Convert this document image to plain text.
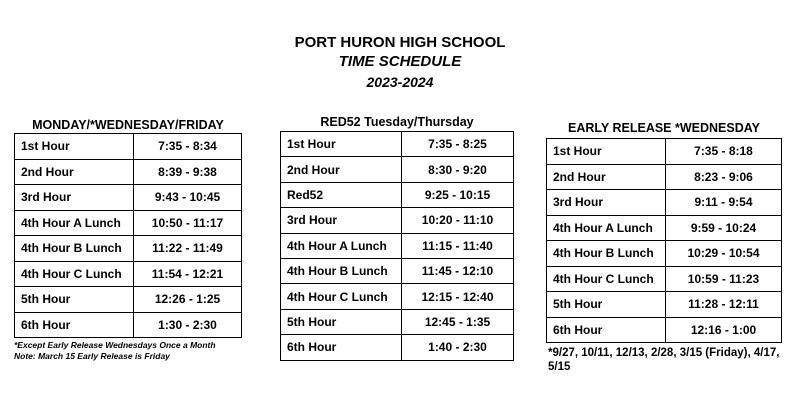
PORT HURON HIGH SCHOOL
TIME SCHEDULE
2023-2024
MONDAY/*WEDNESDAY/FRIDAY
1st Hour	7:35 - 8:34
2nd Hour	8:39 - 9:38
3rd Hour	9:43 - 10:45
4th Hour A Lunch	10:50 - 11:17
4th Hour B Lunch	11:22 - 11:49
4th Hour C Lunch	11:54 - 12:21
5th Hour	12:26 - 1:25
6th Hour	1:30 - 2:30
*Except Early Release Wednesdays Once a Month
Note: March 15 Early Release is Friday
RED52 Tuesday/Thursday
1st Hour	7:35 - 8:25
2nd Hour	8:30 - 9:20
Red52	9:25 - 10:15
3rd Hour	10:20 - 11:10
4th Hour A Lunch	11:15 - 11:40
4th Hour B Lunch	11:45 - 12:10
4th Hour C Lunch	12:15 - 12:40
5th Hour	12:45 - 1:35
6th Hour	1:40 - 2:30
EARLY RELEASE *WEDNESDAY
1st Hour	7:35 - 8:18
2nd Hour	8:23 - 9:06
3rd Hour	9:11 - 9:54
4th Hour A Lunch	9:59 - 10:24
4th Hour B Lunch	10:29 - 10:54
4th Hour C Lunch	10:59 - 11:23
5th Hour	11:28 - 12:11
6th Hour	12:16 - 1:00
*9/27, 10/11, 12/13, 2/28, 3/15 (Friday), 4/17, 5/15
